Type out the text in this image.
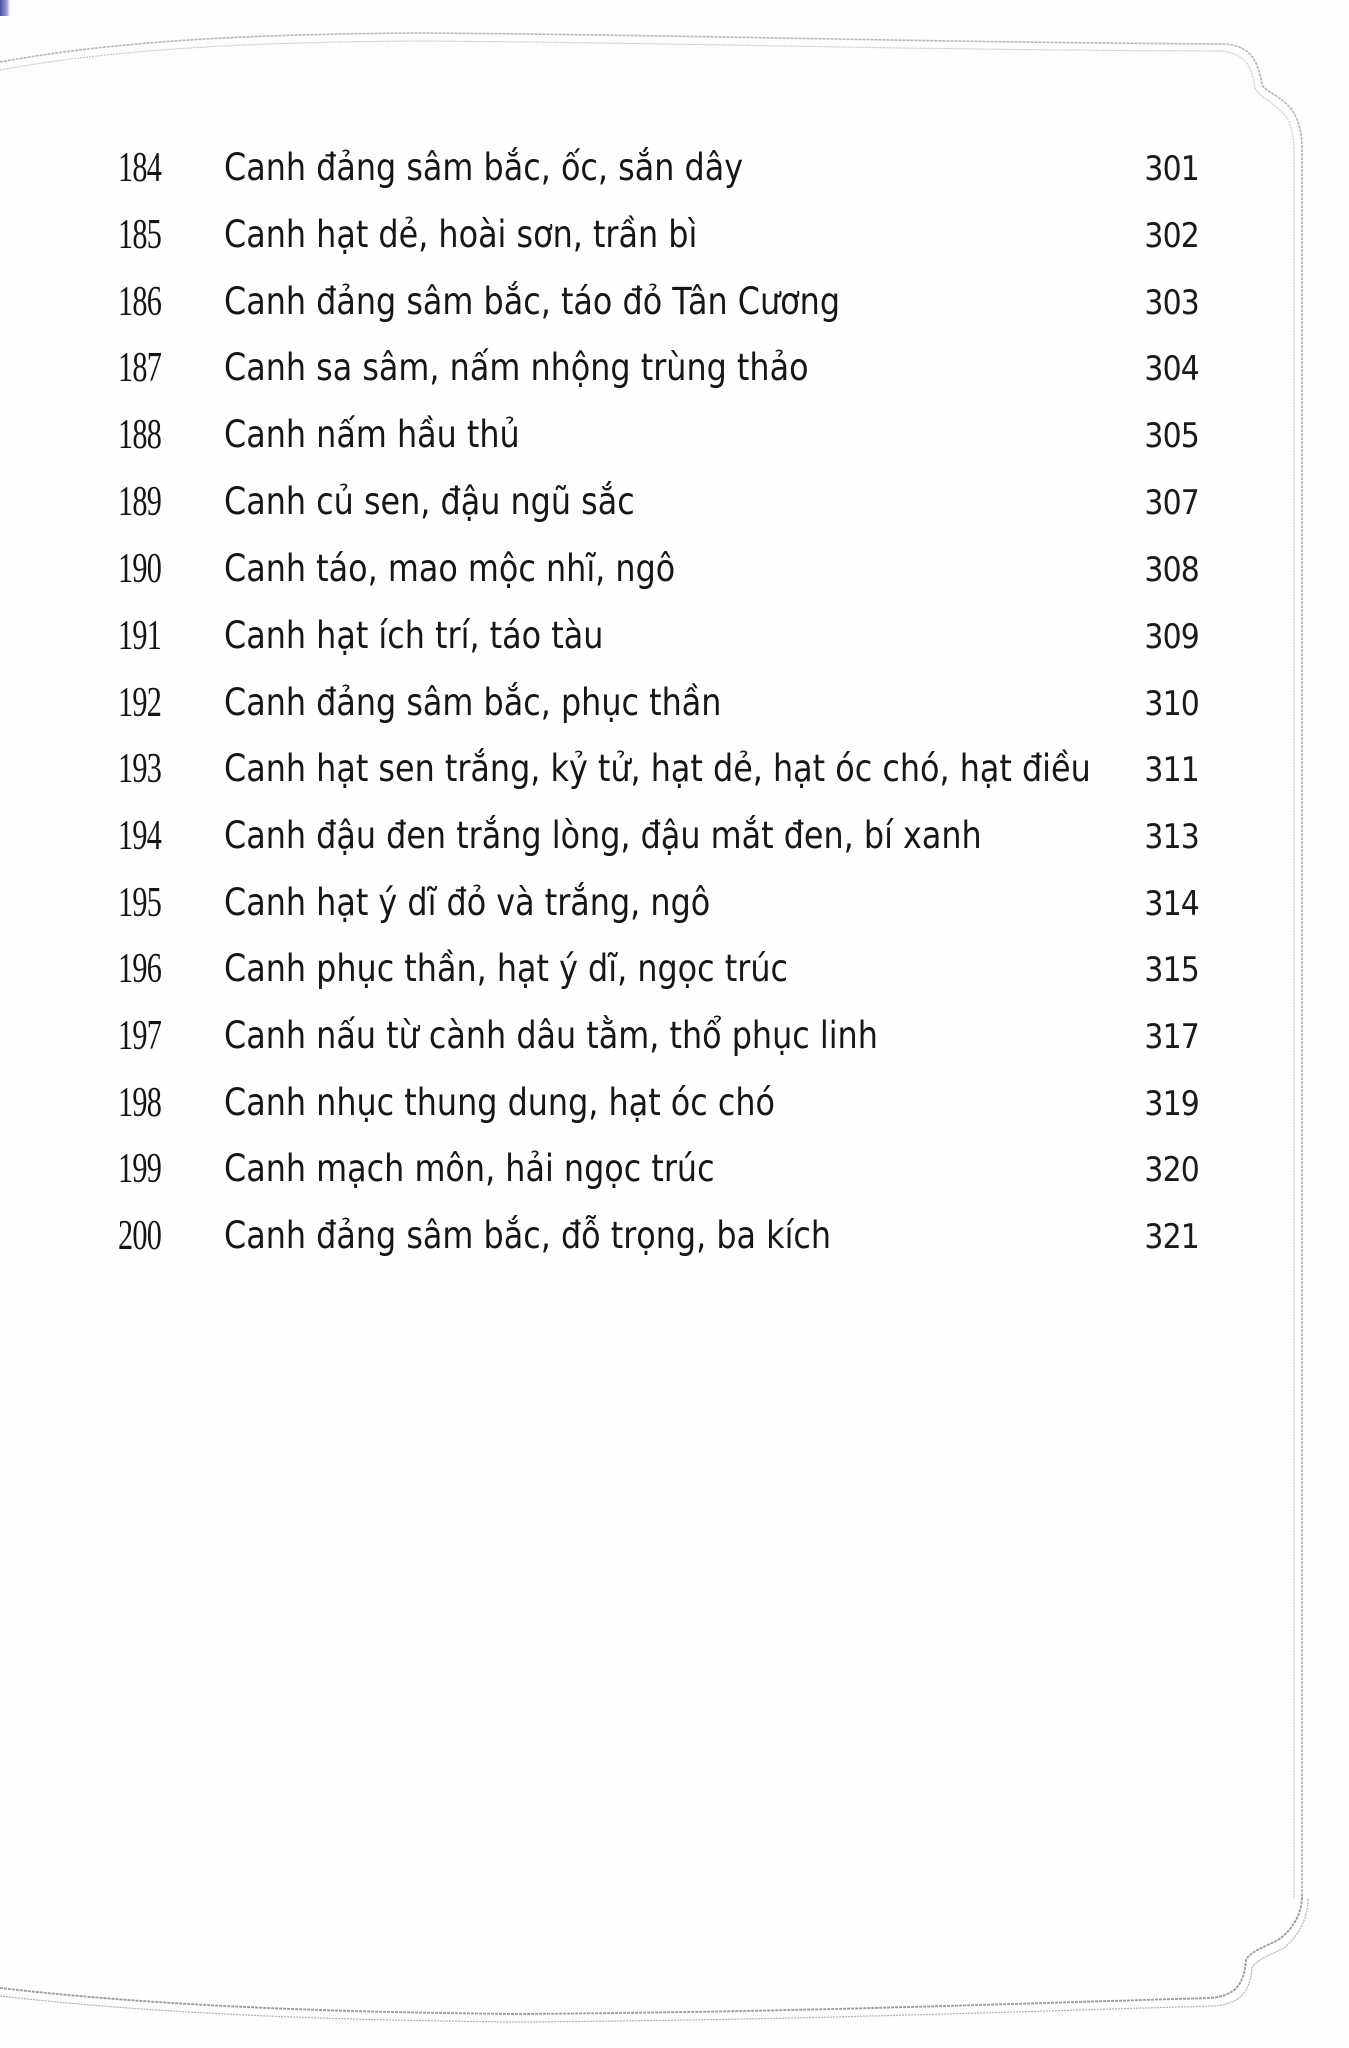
184	Canh đảng sâm bắc, ốc, sắn dây	301
185	Canh hạt dẻ, hoài sơn, trần bì	302
186	Canh đảng sâm bắc, táo đỏ Tân Cương	303
187	Canh sa sâm, nấm nhộng trùng thảo	304
188	Canh nấm hầu thủ	305
189	Canh củ sen, đậu ngũ sắc	307
190	Canh táo, mao mộc nhĩ, ngô	308
191	Canh hạt ích trí, táo tàu	309
192	Canh đảng sâm bắc, phục thần	310
193	Canh hạt sen trắng, kỷ tử, hạt dẻ, hạt óc chó, hạt điều 311
194	Canh đậu đen trắng lòng, đậu mắt đen, bí xanh	313
195	Canh hạt ý dĩ đỏ và trắng, ngô	314
196	Canh phục thần, hạt ý dĩ, ngọc trúc	315
197	Canh nấu từ cành dâu tằm, thổ phục linh	317
198	Canh nhục thung dung, hạt óc chó	319
199	Canh mạch môn, hải ngọc trúc	320
200	Canh đảng sâm bắc, đỗ trọng, ba kích	321
